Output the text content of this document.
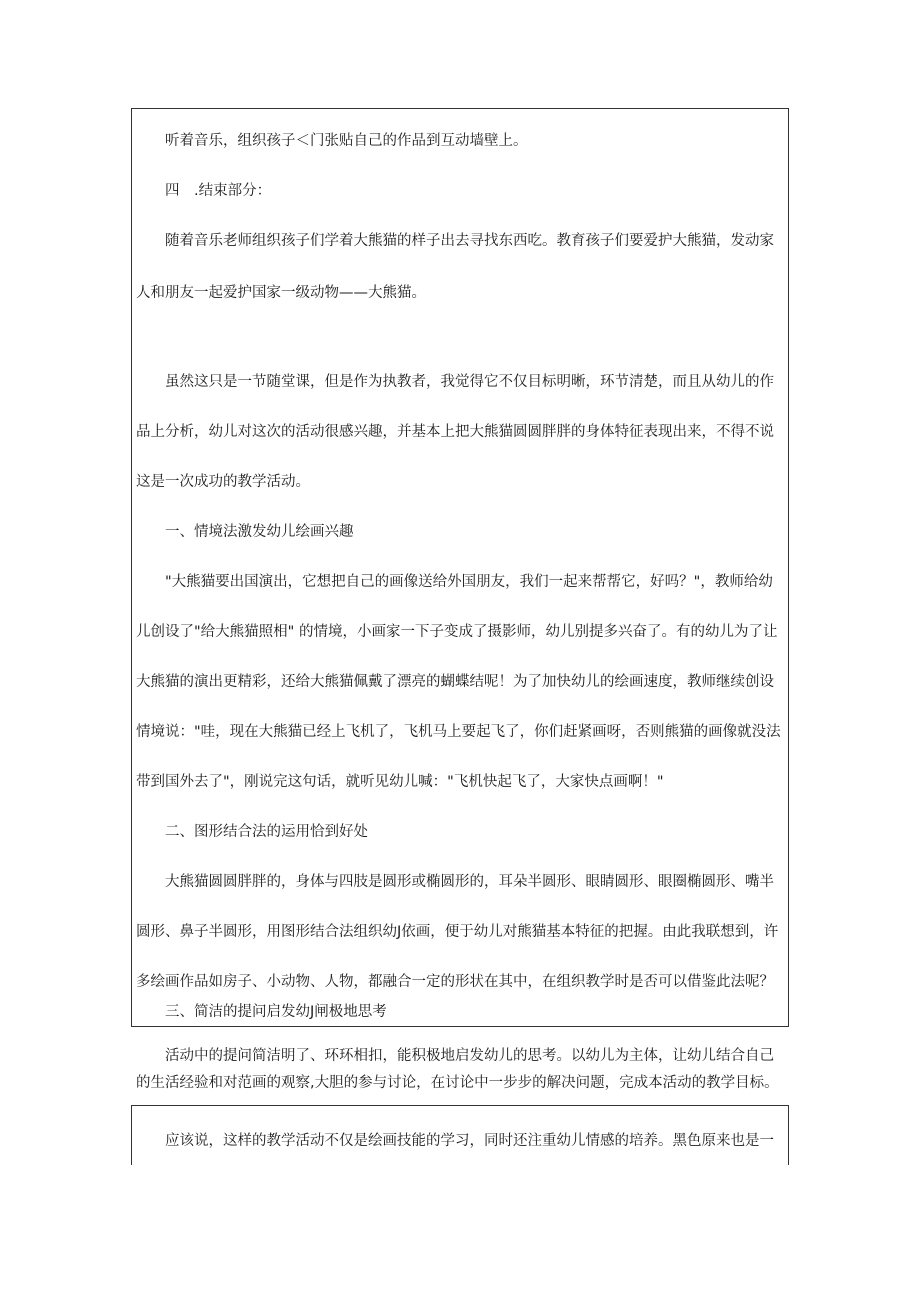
　　听着音乐，组织孩子＜门张贴自己的作品到互动墙壁上。
　　四　.结束部分：
　　随着音乐老师组织孩子们学着大熊猫的样子出去寻找东西吃。教育孩子们要爱护大熊猫，发动家
人和朋友一起爱护国家一级动物——大熊猫。
　　虽然这只是一节随堂课，但是作为执教者，我觉得它不仅目标明晰，环节清楚，而且从幼儿的作
品上分析，幼儿对这次的活动很感兴趣，并基本上把大熊猫圆圆胖胖的身体特征表现出来，不得不说
这是一次成功的教学活动。
　　一、情境法激发幼儿绘画兴趣
　　"大熊猫要出国演出，它想把自己的画像送给外国朋友，我们一起来帮帮它，好吗？"，教师给幼
儿创设了"给大熊猫照相" 的情境，小画家一下子变成了摄影师，幼儿别提多兴奋了。有的幼儿为了让
大熊猫的演出更精彩，还给大熊猫佩戴了漂亮的蝴蝶结呢！为了加快幼儿的绘画速度，教师继续创设
情境说："哇，现在大熊猫已经上飞机了，飞机马上要起飞了，你们赶紧画呀，否则熊猫的画像就没法
带到国外去了"，刚说完这句话，就听见幼儿喊："飞机快起飞了，大家快点画啊！"
　　二、图形结合法的运用恰到好处
　　大熊猫圆圆胖胖的，身体与四肢是圆形或椭圆形的，耳朵半圆形、眼睛圆形、眼圈椭圆形、嘴半
圆形、鼻子半圆形，用图形结合法组织幼J依画，便于幼儿对熊猫基本特征的把握。由此我联想到，许
多绘画作品如房子、小动物、人物，都融合一定的形状在其中，在组织教学时是否可以借鉴此法呢？
　　三、简洁的提问启发幼J闸极地思考
　　活动中的提问简洁明了、环环相扣，能积极地启发幼儿的思考。以幼儿为主体，让幼儿结合自己
的生活经验和对范画的观察,大胆的参与讨论，在讨论中一步步的解决问题，完成本活动的教学目标。
　　应该说，这样的教学活动不仅是绘画技能的学习，同时还注重幼儿情感的培养。黑色原来也是一
